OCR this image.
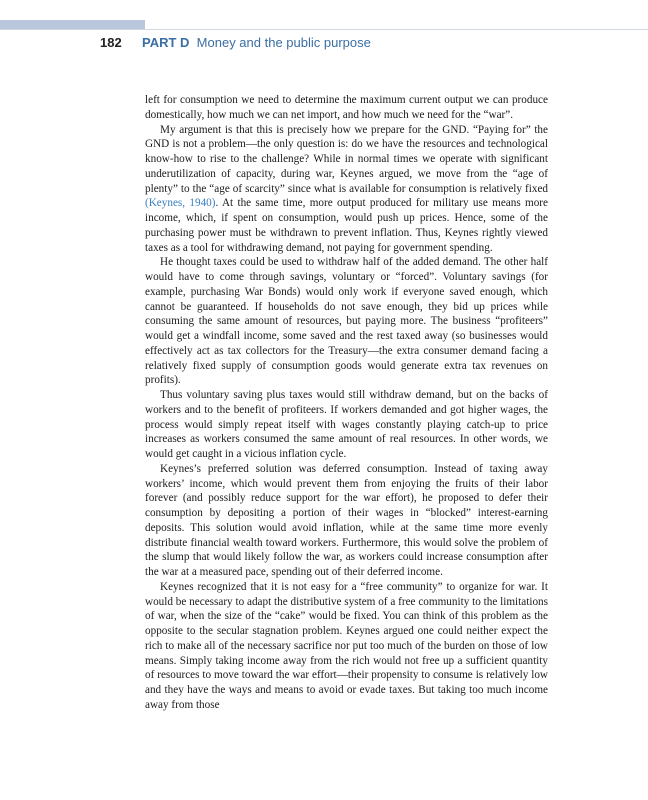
182 PART D Money and the public purpose

left for consumption we need to determine the maximum current output we can produce domestically, how much we can net import, and how much we need for the “war”.

My argument is that this is precisely how we prepare for the GND. “Paying for” the GND is not a problem—the only question is: do we have the resources and technological know-how to rise to the challenge? While in normal times we operate with significant underutilization of capacity, during war, Keynes argued, we move from the “age of plenty” to the “age of scarcity” since what is available for consumption is relatively fixed (Keynes, 1940). At the same time, more output produced for military use means more income, which, if spent on consumption, would push up prices. Hence, some of the purchasing power must be withdrawn to prevent inflation. Thus, Keynes rightly viewed taxes as a tool for withdrawing demand, not paying for government spending.

He thought taxes could be used to withdraw half of the added demand. The other half would have to come through savings, voluntary or “forced”. Voluntary savings (for example, purchasing War Bonds) would only work if everyone saved enough, which cannot be guaranteed. If households do not save enough, they bid up prices while consuming the same amount of resources, but paying more. The business “profiteers” would get a windfall income, some saved and the rest taxed away (so businesses would effectively act as tax collectors for the Treasury—the extra consumer demand facing a relatively fixed supply of consumption goods would generate extra tax revenues on profits).

Thus voluntary saving plus taxes would still withdraw demand, but on the backs of workers and to the benefit of profiteers. If workers demanded and got higher wages, the process would simply repeat itself with wages constantly playing catch-up to price increases as workers consumed the same amount of real resources. In other words, we would get caught in a vicious inflation cycle.

Keynes’s preferred solution was deferred consumption. Instead of taxing away workers’ income, which would prevent them from enjoying the fruits of their labor forever (and possibly reduce support for the war effort), he proposed to defer their consumption by depositing a portion of their wages in “blocked” interest-earning deposits. This solution would avoid inflation, while at the same time more evenly distribute financial wealth toward workers. Furthermore, this would solve the problem of the slump that would likely follow the war, as workers could increase consumption after the war at a measured pace, spending out of their deferred income.

Keynes recognized that it is not easy for a “free community” to organize for war. It would be necessary to adapt the distributive system of a free community to the limitations of war, when the size of the “cake” would be fixed. You can think of this problem as the opposite to the secular stagnation problem. Keynes argued one could neither expect the rich to make all of the necessary sacrifice nor put too much of the burden on those of low means. Simply taking income away from the rich would not free up a sufficient quantity of resources to move toward the war effort—their propensity to consume is relatively low and they have the ways and means to avoid or evade taxes. But taking too much income away from those
